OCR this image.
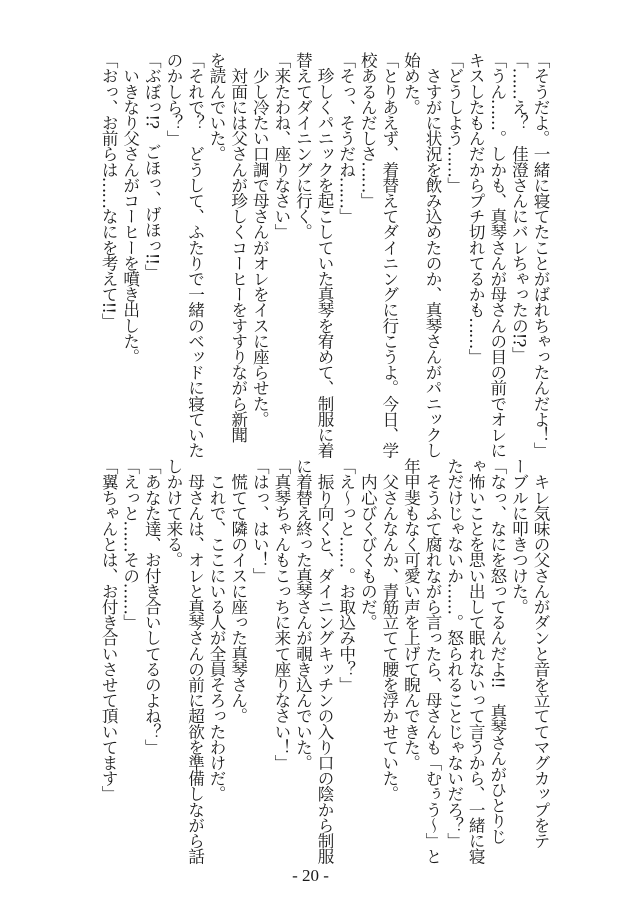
「そうだよ。一緒に寝てたことがばれちゃったんだよ！」

「……え？　佳澄さんにバレちゃったの!?」

「うん……。しかも、真琴さんが母さんの目の前でオレに

キスしたもんだからプチ切れてるかも……」

「どうしよう……」

　さすがに状況を飲み込めたのか、真琴さんがパニックし

始めた。

「とりあえず、着替えてダイニングに行こうよ。今日、学

校あるんだしさ……」

「そっ、そうだね……」

　珍しくパニックを起こしていた真琴を宥めて、制服に着

替えてダイニングに行く。

「来たわね、座りなさい」

　少し冷たい口調で母さんがオレをイスに座らせた。

　対面には父さんが珍しくコーヒーをすすりながら新聞

を読んでいた。

「それで？　どうして、ふたりで一緒のベッドに寝ていた

のかしら？」

「ぶぼっ!?　ごほっ、げほっ!!」

　いきなり父さんがコーヒーを噴き出した。

「おっ、お前らは……なにを考えて!!」

　キレ気味の父さんがダンと音を立ててマグカップをテ

ーブルに叩きつけた。

「なっ、なにを怒ってるんだよ!!　真琴さんがひとりじ

ゃ怖いことを思い出して眠れないって言うから、一緒に寝

ただけじゃないか……。怒られることじゃないだろ？」

　そうふて腐れながら言ったら、母さんも「むぅう～」と

年甲斐もなく可愛い声を上げて睨んできた。

　父さんなんか、青筋立てて腰を浮かせていた。

　内心びくびくものだ。

「え～っと……。お取込み中？」

　振り向くと、ダイニングキッチンの入り口の陰から制服

に着替え終った真琴さんが覗き込んでいた。

「真琴ちゃんもこっちに来て座りなさい！」

「はっ、はい！」

　慌てて隣のイスに座った真琴さん。

　これで、ここにいる人が全員そろったわけだ。

　母さんは、オレと真琴さんの前に超欲を準備しながら話

しかけて来る。

「あなた達、お付き合いしてるのよね？」

「えっと……その……」

「翼ちゃんとは、お付き合いさせて頂いてます」

- 20 -
